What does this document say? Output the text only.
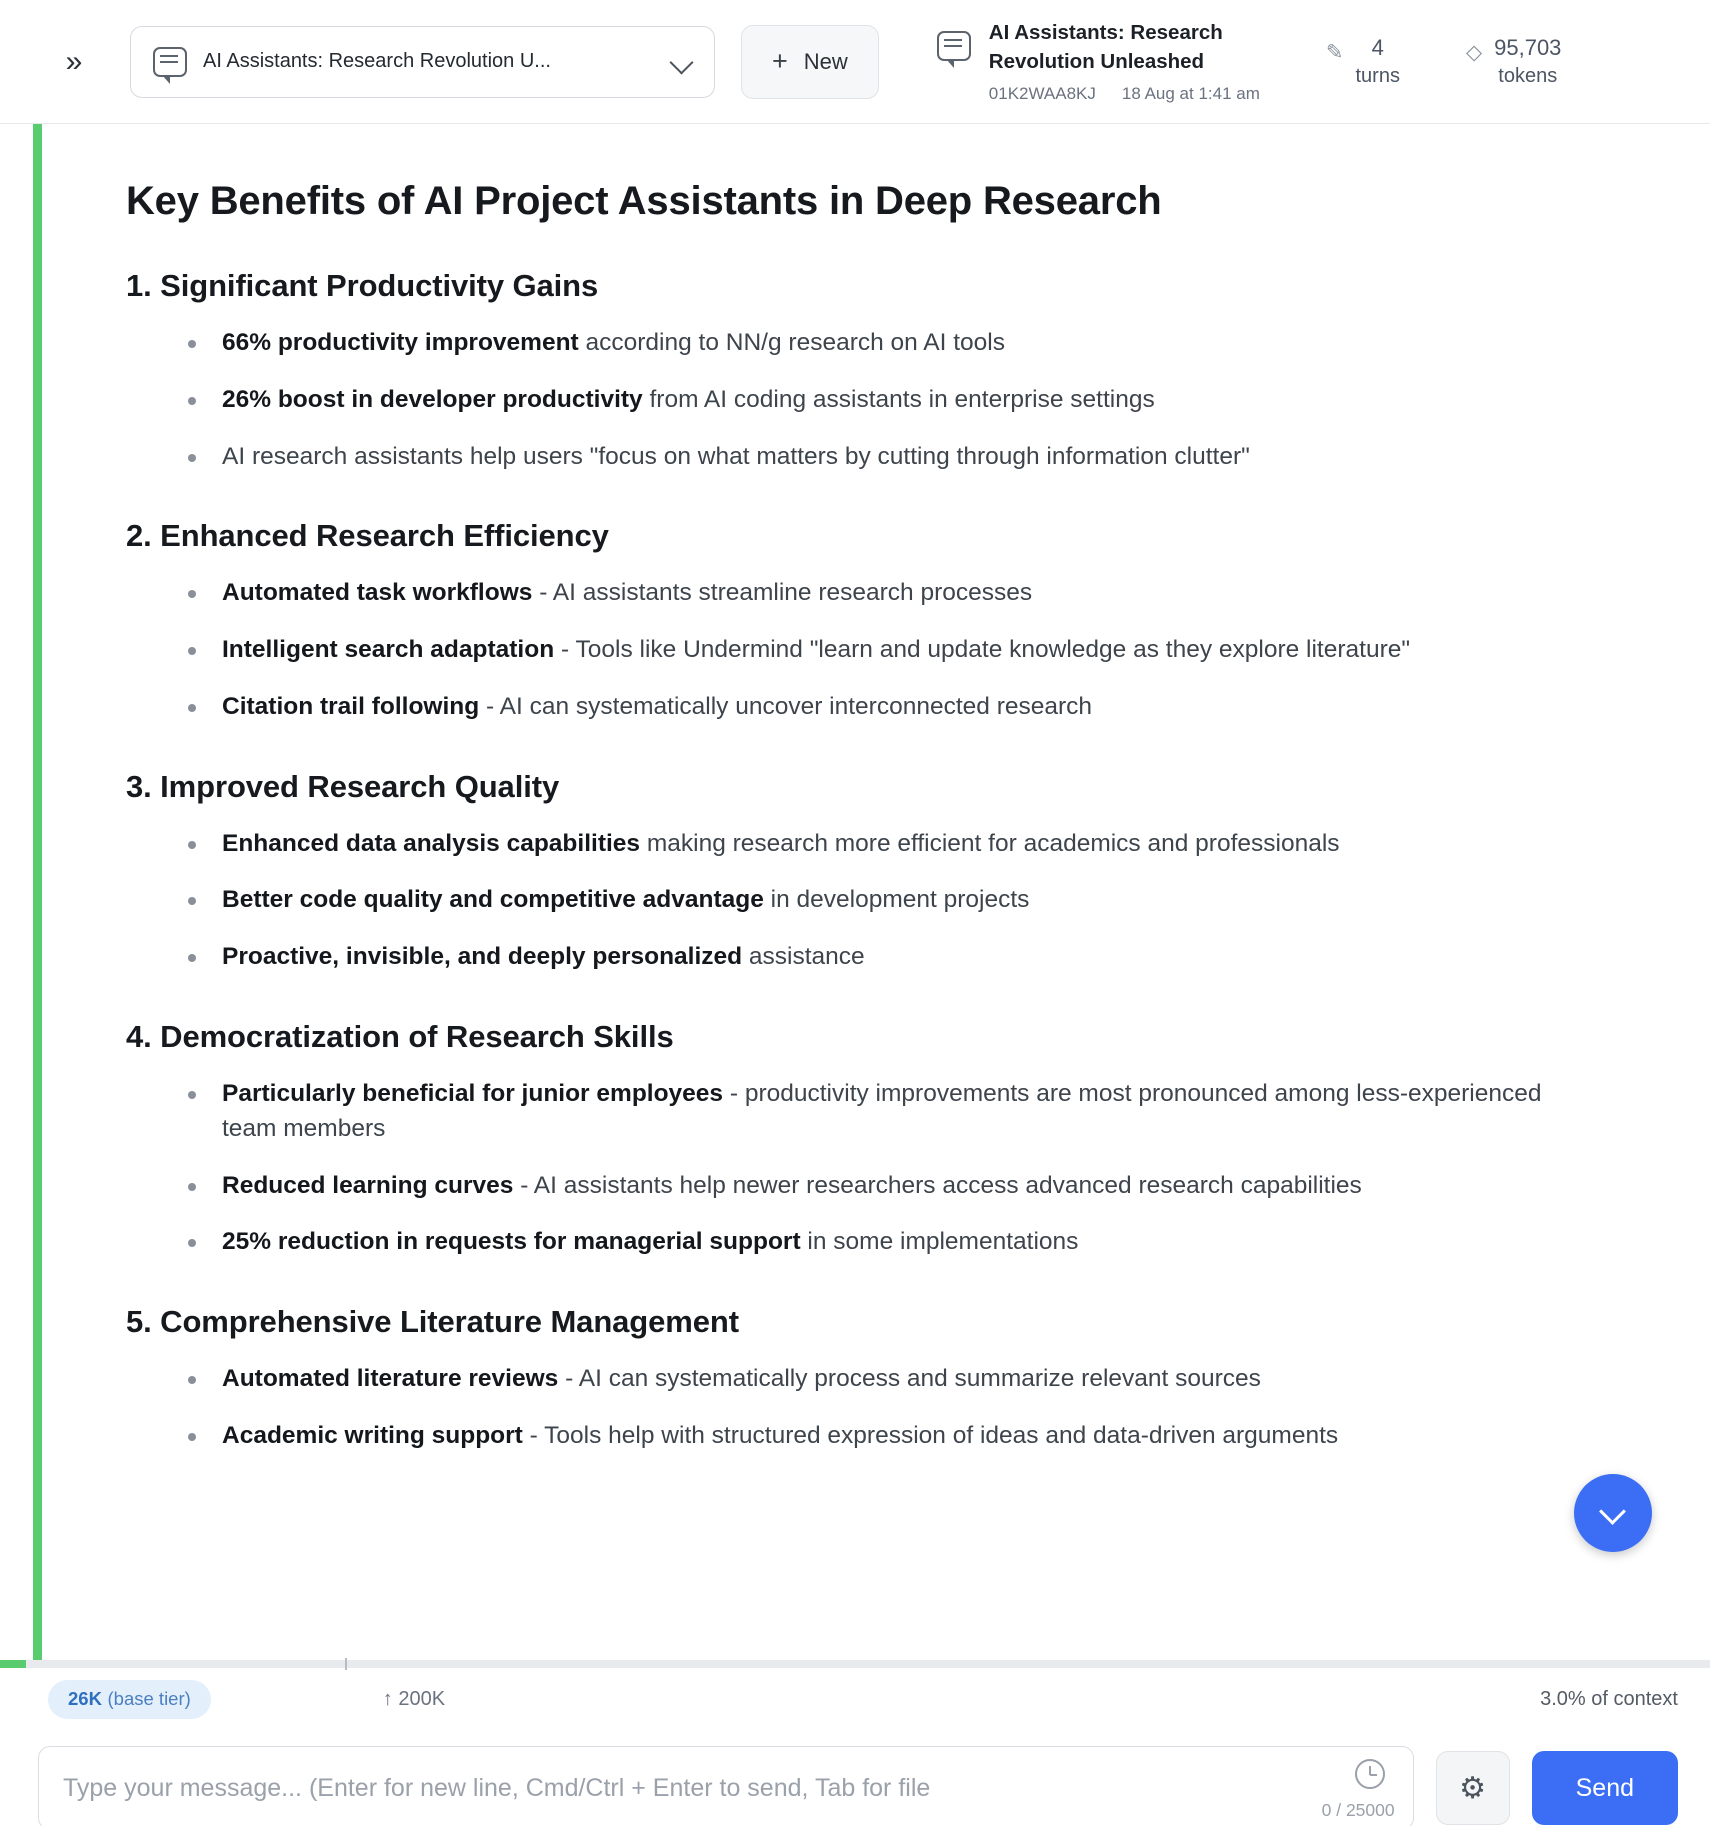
»	AI Assistants: Research Revolution U...	+ New
AI Assistants: Research Revolution Unleashed
01K2WAA8KJ 18 Aug at 1:41 am
✎	4
turns
◇ 95,703
tokens
Key Benefits of AI Project Assistants in Deep Research
1. Significant Productivity Gains
66% productivity improvement according to NN/g research on AI tools
26% boost in developer productivity from AI coding assistants in enterprise settings
AI research assistants help users "focus on what matters by cutting through information clutter"
2. Enhanced Research Efficiency
Automated task workflows - AI assistants streamline research processes
Intelligent search adaptation - Tools like Undermind "learn and update knowledge as they explore literature"
Citation trail following - AI can systematically uncover interconnected research
3. Improved Research Quality
Enhanced data analysis capabilities making research more efficient for academics and professionals
Better code quality and competitive advantage in development projects
Proactive, invisible, and deeply personalized assistance
4. Democratization of Research Skills
Particularly beneficial for junior employees - productivity improvements are most pronounced among less-experienced team members
Reduced learning curves - AI assistants help newer researchers access advanced research capabilities
25% reduction in requests for managerial support in some implementations
5. Comprehensive Literature Management
Automated literature reviews - AI can systematically process and summarize relevant sources
Academic writing support - Tools help with structured expression of ideas and data-driven arguments
26K (base tier)	↑ 200K	3.0% of context
Type your message... (Enter for new line, Cmd/Ctrl + Enter to send, Tab for file
0 / 25000
⚙	Send
